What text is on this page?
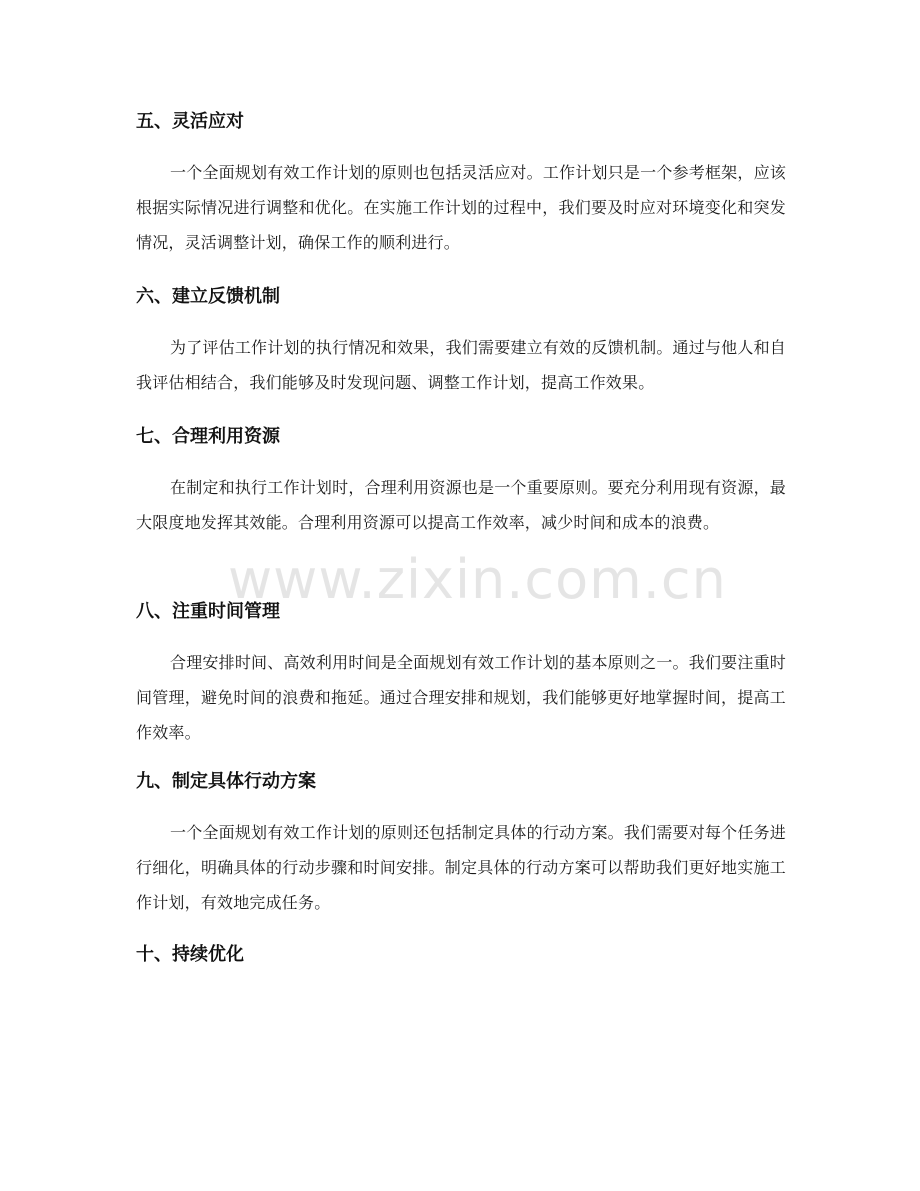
五、灵活应对

一个全面规划有效工作计划的原则也包括灵活应对。工作计划只是一个参考框架，应该根据实际情况进行调整和优化。在实施工作计划的过程中，我们要及时应对环境变化和突发情况，灵活调整计划，确保工作的顺利进行。

六、建立反馈机制

为了评估工作计划的执行情况和效果，我们需要建立有效的反馈机制。通过与他人和自我评估相结合，我们能够及时发现问题、调整工作计划，提高工作效果。

七、合理利用资源

在制定和执行工作计划时，合理利用资源也是一个重要原则。要充分利用现有资源，最大限度地发挥其效能。合理利用资源可以提高工作效率，减少时间和成本的浪费。

八、注重时间管理

合理安排时间、高效利用时间是全面规划有效工作计划的基本原则之一。我们要注重时间管理，避免时间的浪费和拖延。通过合理安排和规划，我们能够更好地掌握时间，提高工作效率。

九、制定具体行动方案

一个全面规划有效工作计划的原则还包括制定具体的行动方案。我们需要对每个任务进行细化，明确具体的行动步骤和时间安排。制定具体的行动方案可以帮助我们更好地实施工作计划，有效地完成任务。

十、持续优化
www.zixin.com.cn
